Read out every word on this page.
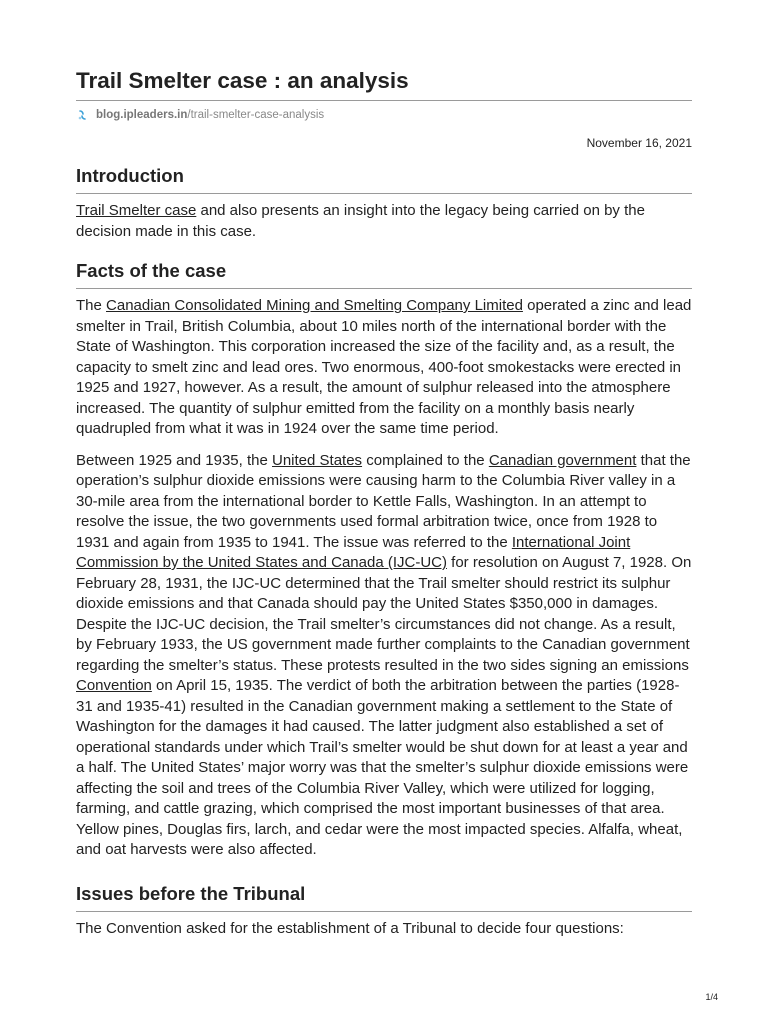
Trail Smelter case : an analysis
blog.ipleaders.in /trail-smelter-case-analysis
November 16, 2021
Introduction

Trail Smelter case and also presents an insight into the legacy being carried on by the decision made in this case.

Facts of the case

The Canadian Consolidated Mining and Smelting Company Limited operated a zinc and lead smelter in Trail, British Columbia, about 10 miles north of the international border with the State of Washington. This corporation increased the size of the facility and, as a result, the capacity to smelt zinc and lead ores. Two enormous, 400-foot smokestacks were erected in 1925 and 1927, however. As a result, the amount of sulphur released into the atmosphere increased. The quantity of sulphur emitted from the facility on a monthly basis nearly quadrupled from what it was in 1924 over the same time period.

Between 1925 and 1935, the United States complained to the Canadian government that the operation’s sulphur dioxide emissions were causing harm to the Columbia River valley in a 30-mile area from the international border to Kettle Falls, Washington. In an attempt to resolve the issue, the two governments used formal arbitration twice, once from 1928 to 1931 and again from 1935 to 1941. The issue was referred to the International Joint Commission by the United States and Canada (IJC-UC) for resolution on August 7, 1928. On February 28, 1931, the IJC-UC determined that the Trail smelter should restrict its sulphur dioxide emissions and that Canada should pay the United States $350,000 in damages. Despite the IJC-UC decision, the Trail smelter’s circumstances did not change. As a result, by February 1933, the US government made further complaints to the Canadian government regarding the smelter’s status. These protests resulted in the two sides signing an emissions Convention on April 15, 1935. The verdict of both the arbitration between the parties (1928-31 and 1935-41) resulted in the Canadian government making a settlement to the State of Washington for the damages it had caused. The latter judgment also established a set of operational standards under which Trail’s smelter would be shut down for at least a year and a half. The United States’ major worry was that the smelter’s sulphur dioxide emissions were affecting the soil and trees of the Columbia River Valley, which were utilized for logging, farming, and cattle grazing, which comprised the most important businesses of that area. Yellow pines, Douglas firs, larch, and cedar were the most impacted species. Alfalfa, wheat, and oat harvests were also affected.

Issues before the Tribunal

The Convention asked for the establishment of a Tribunal to decide four questions:

1/4
